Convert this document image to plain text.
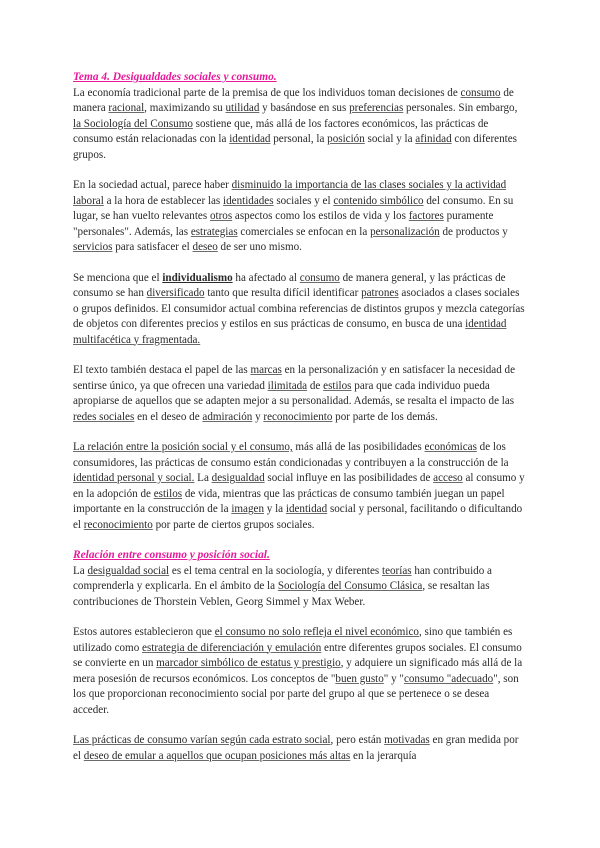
Tema 4. Desigualdades sociales y consumo.

La economía tradicional parte de la premisa de que los individuos toman decisiones de consumo de manera racional, maximizando su utilidad y basándose en sus preferencias personales. Sin embargo, la Sociología del Consumo sostiene que, más allá de los factores económicos, las prácticas de consumo están relacionadas con la identidad personal, la posición social y la afinidad con diferentes grupos.

En la sociedad actual, parece haber disminuido la importancia de las clases sociales y la actividad laboral a la hora de establecer las identidades sociales y el contenido simbólico del consumo. En su lugar, se han vuelto relevantes otros aspectos como los estilos de vida y los factores puramente "personales". Además, las estrategias comerciales se enfocan en la personalización de productos y servicios para satisfacer el deseo de ser uno mismo.

Se menciona que el individualismo ha afectado al consumo de manera general, y las prácticas de consumo se han diversificado tanto que resulta difícil identificar patrones asociados a clases sociales o grupos definidos. El consumidor actual combina referencias de distintos grupos y mezcla categorías de objetos con diferentes precios y estilos en sus prácticas de consumo, en busca de una identidad multifacética y fragmentada.

El texto también destaca el papel de las marcas en la personalización y en satisfacer la necesidad de sentirse único, ya que ofrecen una variedad ilimitada de estilos para que cada individuo pueda apropiarse de aquellos que se adapten mejor a su personalidad. Además, se resalta el impacto de las redes sociales en el deseo de admiración y reconocimiento por parte de los demás.

La relación entre la posición social y el consumo, más allá de las posibilidades económicas de los consumidores, las prácticas de consumo están condicionadas y contribuyen a la construcción de la identidad personal y social. La desigualdad social influye en las posibilidades de acceso al consumo y en la adopción de estilos de vida, mientras que las prácticas de consumo también juegan un papel importante en la construcción de la imagen y la identidad social y personal, facilitando o dificultando el reconocimiento por parte de ciertos grupos sociales.

Relación entre consumo y posición social.

La desigualdad social es el tema central en la sociología, y diferentes teorías han contribuido a comprenderla y explicarla. En el ámbito de la Sociología del Consumo Clásica, se resaltan las contribuciones de Thorstein Veblen, Georg Simmel y Max Weber.

Estos autores establecieron que el consumo no solo refleja el nivel económico, sino que también es utilizado como estrategia de diferenciación y emulación entre diferentes grupos sociales. El consumo se convierte en un marcador simbólico de estatus y prestigio, y adquiere un significado más allá de la mera posesión de recursos económicos. Los conceptos de "buen gusto" y "consumo "adecuado", son los que proporcionan reconocimiento social por parte del grupo al que se pertenece o se desea acceder.

Las prácticas de consumo varían según cada estrato social, pero están motivadas en gran medida por el deseo de emular a aquellos que ocupan posiciones más altas en la jerarquía
